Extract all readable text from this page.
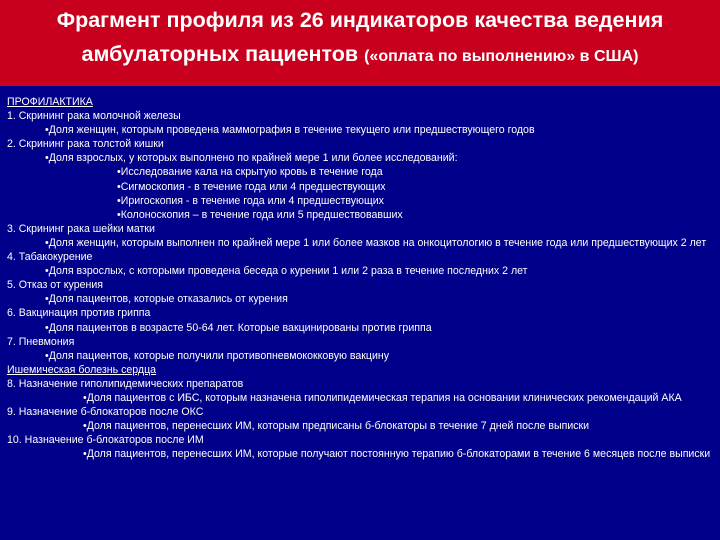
Фрагмент профиля из 26 индикаторов качества ведения
амбулаторных пациентов («оплата по выполнению» в США)
ПРОФИЛАКТИКА
1. Скрининг рака молочной железы
•Доля женщин, которым проведена маммография в течение текущего или предшествующего годов
2. Скрининг рака толстой кишки
•Доля взрослых, у которых выполнено по крайней мере 1 или более исследований:
•Исследование кала на скрытую кровь в течение года
•Сигмоскопия - в течение года или 4 предшествующих
•Иригоскопия - в течение года или 4 предшествующих
•Колоноскопия – в течение года или 5 предшествовавших
3. Скрининг рака шейки матки
•Доля женщин, которым выполнен по крайней мере 1 или более мазков на онкоцитологию в течение года или предшествующих 2 лет
4. Табакокурение
•Доля взрослых, с которыми проведена беседа о курении 1 или 2 раза в течение последних 2 лет
5. Отказ от курения
•Доля пациентов, которые отказались от курения
6. Вакцинация против гриппа
•Доля пациентов в возрасте 50-64 лет. Которые вакцинированы против гриппа
7. Пневмония
•Доля пациентов, которые получили противопневмококковую вакцину
Ишемическая болезнь сердца
8. Назначение гиполипидемических препаратов
•Доля пациентов с ИБС, которым назначена гиполипидемическая терапия на основании клинических рекомендаций АКА
9. Назначение б-блокаторов после ОКС
•Доля пациентов, перенесших ИМ, которым предписаны б-блокаторы в течение 7 дней после выписки
10. Назначение б-блокаторов после ИМ
•Доля пациентов, перенесших ИМ, которые получают постоянную терапию б-блокаторами в течение 6 месяцев после выписки
